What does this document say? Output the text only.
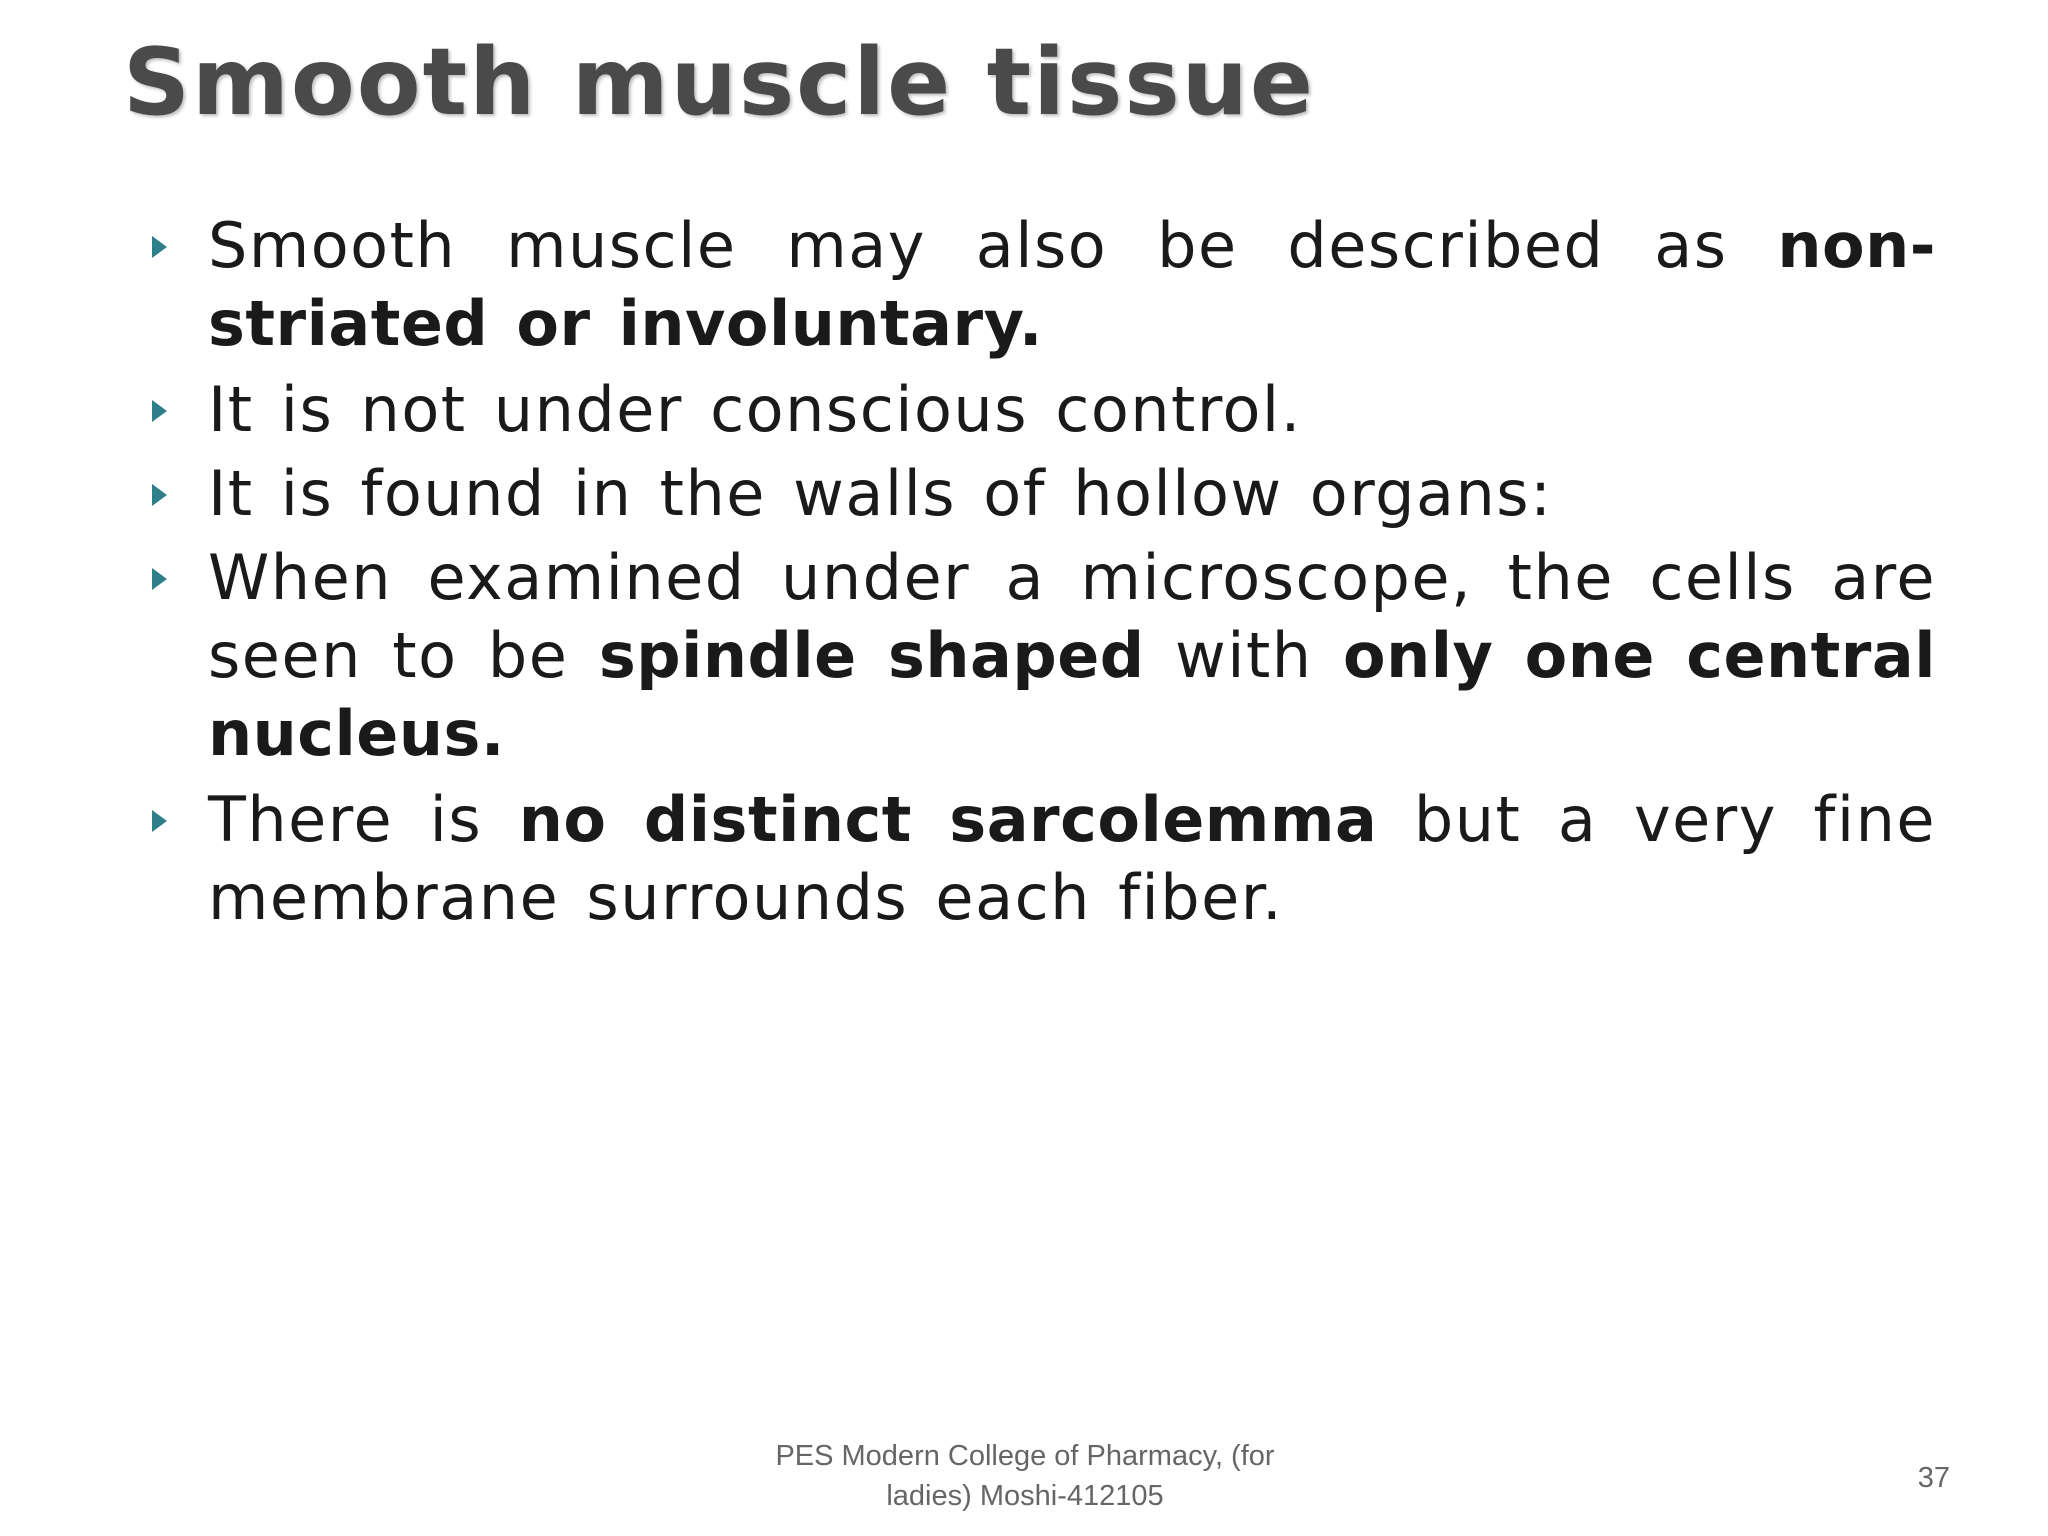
Smooth muscle tissue

Smooth muscle may also be described as non-striated or involuntary.

It is not under conscious control.

It is found in the walls of hollow organs:

When examined under a microscope, the cells are seen to be spindle shaped with only one central nucleus.

There is no distinct sarcolemma but a very fine membrane surrounds each fiber.

PES Modern College of Pharmacy, (for
ladies) Moshi-412105
37
